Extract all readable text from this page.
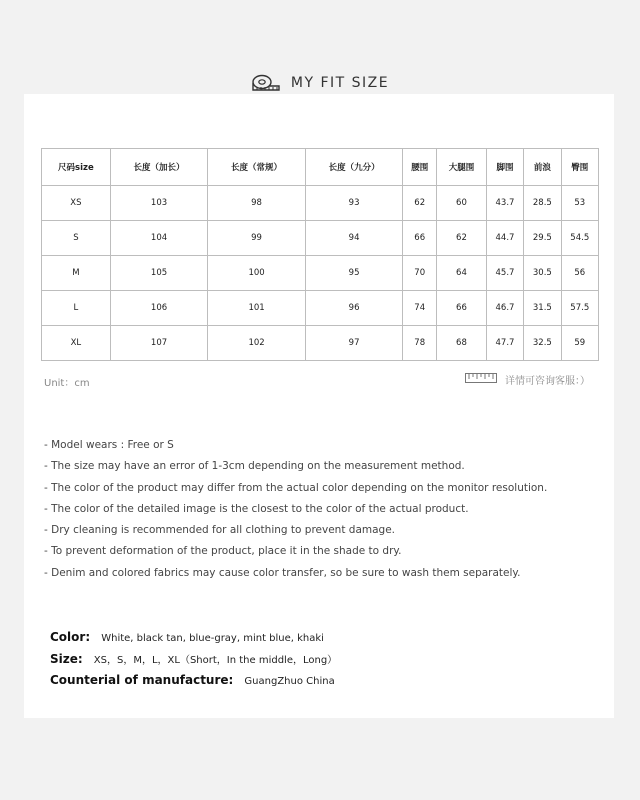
MY FIT SIZE
尺码size	长度（加长）	长度（常规）	长度（九分）	腰围	大腿围	脚围	前浪	臀围
XS	103	98	93	62	60	43.7	28.5	53
S	104	99	94	66	62	44.7	29.5	54.5
M	105	100	95	70	64	45.7	30.5	56
L	106	101	96	74	66	46.7	31.5	57.5
XL	107	102	97	78	68	47.7	32.5	59
Unit：cm	详情可咨询客服：）
- Model wears : Free or S
- The size may have an error of 1-3cm depending on the measurement method.
- The color of the product may differ from the actual color depending on the monitor resolution.
- The color of the detailed image is the closest to the color of the actual product.
- Dry cleaning is recommended for all clothing to prevent damage.
- To prevent deformation of the product, place it in the shade to dry.
- Denim and colored fabrics may cause color transfer, so be sure to wash them separately.
Color: White, black tan, blue-gray, mint blue, khaki
Size: XS，S，M，L，XL（Short，In the middle，Long）
Counterial of manufacture: GuangZhuo China
